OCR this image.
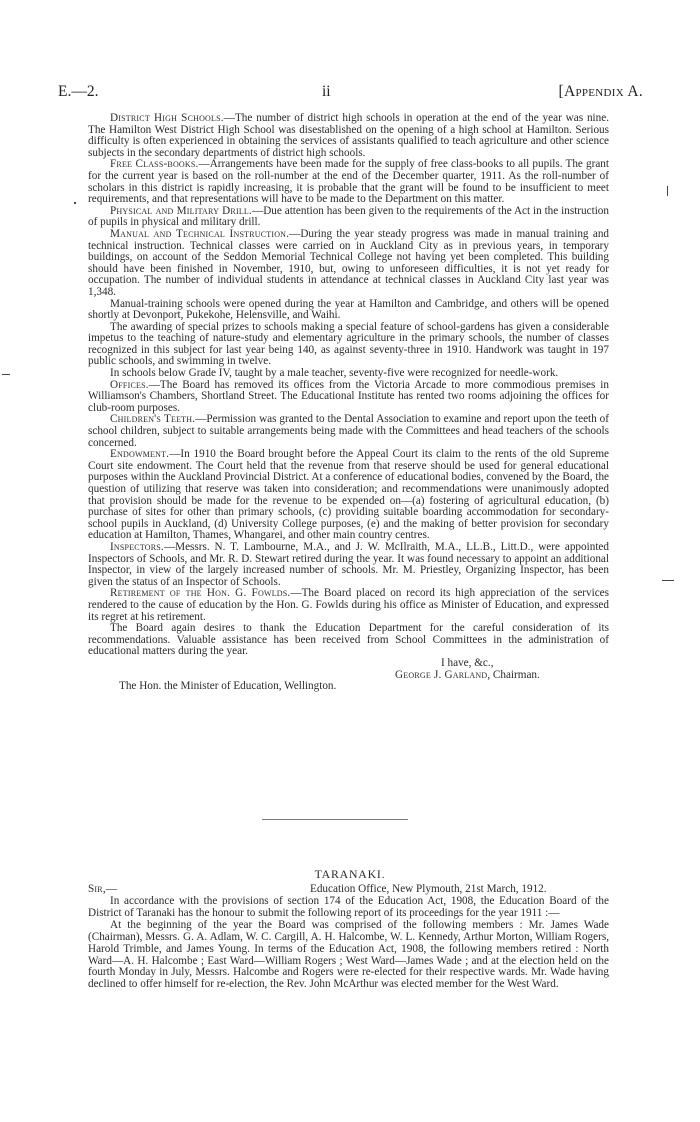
E.—2.	ii	[Appendix A.

District High Schools.—The number of district high schools in operation at the end of the year was nine. The Hamilton West District High School was disestablished on the opening of a high school at Hamilton. Serious difficulty is often experienced in obtaining the services of assistants qualified to teach agriculture and other science subjects in the secondary departments of district high schools.

Free Class-books.—Arrangements have been made for the supply of free class-books to all pupils. The grant for the current year is based on the roll-number at the end of the December quarter, 1911. As the roll-number of scholars in this district is rapidly increasing, it is probable that the grant will be found to be insufficient to meet requirements, and that representations will have to be made to the Department on this matter.

Physical and Military Drill.—Due attention has been given to the requirements of the Act in the instruction of pupils in physical and military drill.

Manual and Technical Instruction.—During the year steady progress was made in manual training and technical instruction. Technical classes were carried on in Auckland City as in previous years, in temporary buildings, on account of the Seddon Memorial Technical College not having yet been completed. This building should have been finished in November, 1910, but, owing to unforeseen difficulties, it is not yet ready for occupation. The number of individual students in attendance at technical classes in Auckland City last year was 1,348.

Manual-training schools were opened during the year at Hamilton and Cambridge, and others will be opened shortly at Devonport, Pukekohe, Helensville, and Waihi.

The awarding of special prizes to schools making a special feature of school-gardens has given a considerable impetus to the teaching of nature-study and elementary agriculture in the primary schools, the number of classes recognized in this subject for last year being 140, as against seventy-three in 1910. Handwork was taught in 197 public schools, and swimming in twelve.

In schools below Grade IV, taught by a male teacher, seventy-five were recognized for needle-work.

Offices.—The Board has removed its offices from the Victoria Arcade to more commodious premises in Williamson's Chambers, Shortland Street. The Educational Institute has rented two rooms adjoining the offices for club-room purposes.

Children's Teeth.—Permission was granted to the Dental Association to examine and report upon the teeth of school children, subject to suitable arrangements being made with the Committees and head teachers of the schools concerned.

Endowment.—In 1910 the Board brought before the Appeal Court its claim to the rents of the old Supreme Court site endowment. The Court held that the revenue from that reserve should be used for general educational purposes within the Auckland Provincial District. At a conference of educational bodies, convened by the Board, the question of utilizing that reserve was taken into consideration; and recommendations were unanimously adopted that provision should be made for the revenue to be expended on—(a) fostering of agricultural education, (b) purchase of sites for other than primary schools, (c) providing suitable boarding accommodation for secondary-school pupils in Auckland, (d) University College purposes, (e) and the making of better provision for secondary education at Hamilton, Thames, Whangarei, and other main country centres.

Inspectors.—Messrs. N. T. Lambourne, M.A., and J. W. McIlraith, M.A., LL.B., Litt.D., were appointed Inspectors of Schools, and Mr. R. D. Stewart retired during the year. It was found necessary to appoint an additional Inspector, in view of the largely increased number of schools. Mr. M. Priestley, Organizing Inspector, has been given the status of an Inspector of Schools.

Retirement of the Hon. G. Fowlds.—The Board placed on record its high appreciation of the services rendered to the cause of education by the Hon. G. Fowlds during his office as Minister of Education, and expressed its regret at his retirement.

The Board again desires to thank the Education Department for the careful consideration of its recommendations. Valuable assistance has been received from School Committees in the administration of educational matters during the year.

I have, &c.,
George J. Garland, Chairman.
The Hon. the Minister of Education, Wellington.
TARANAKI.

Sir,—	Education Office, New Plymouth, 21st March, 1912.

In accordance with the provisions of section 174 of the Education Act, 1908, the Education Board of the District of Taranaki has the honour to submit the following report of its proceedings for the year 1911 :—

At the beginning of the year the Board was comprised of the following members : Mr. James Wade (Chairman), Messrs. G. A. Adlam, W. C. Cargill, A. H. Halcombe, W. L. Kennedy, Arthur Morton, William Rogers, Harold Trimble, and James Young. In terms of the Education Act, 1908, the following members retired : North Ward—A. H. Halcombe ; East Ward—William Rogers ; West Ward—James Wade ; and at the election held on the fourth Monday in July, Messrs. Halcombe and Rogers were re-elected for their respective wards. Mr. Wade having declined to offer himself for re-election, the Rev. John McArthur was elected member for the West Ward.
